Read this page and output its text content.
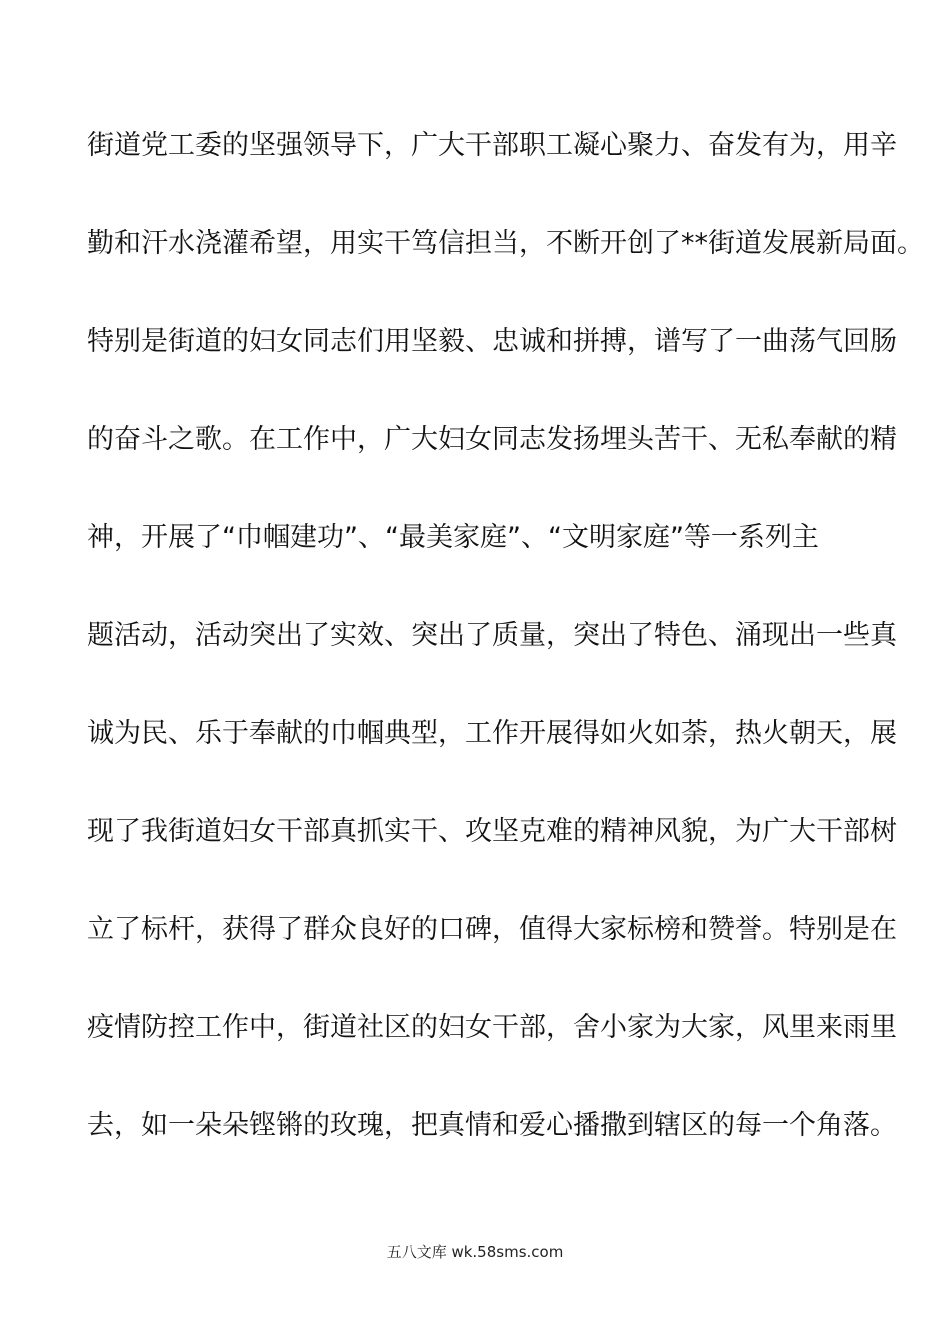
街道党工委的坚强领导下，广大干部职工凝心聚力、奋发有为，用辛
勤和汗水浇灌希望，用实干笃信担当，不断开创了**街道发展新局面。
特别是街道的妇女同志们用坚毅、忠诚和拼搏，谱写了一曲荡气回肠
的奋斗之歌。在工作中，广大妇女同志发扬埋头苦干、无私奉献的精
神，开展了“巾帼建功”、“最美家庭”、“文明家庭”等一系列主
题活动，活动突出了实效、突出了质量，突出了特色、涌现出一些真
诚为民、乐于奉献的巾帼典型，工作开展得如火如荼，热火朝天，展
现了我街道妇女干部真抓实干、攻坚克难的精神风貌，为广大干部树
立了标杆，获得了群众良好的口碑，值得大家标榜和赞誉。特别是在
疫情防控工作中，街道社区的妇女干部，舍小家为大家，风里来雨里
去，如一朵朵铿锵的玫瑰，把真情和爱心播撒到辖区的每一个角落。
五八文库 wk.58sms.com
